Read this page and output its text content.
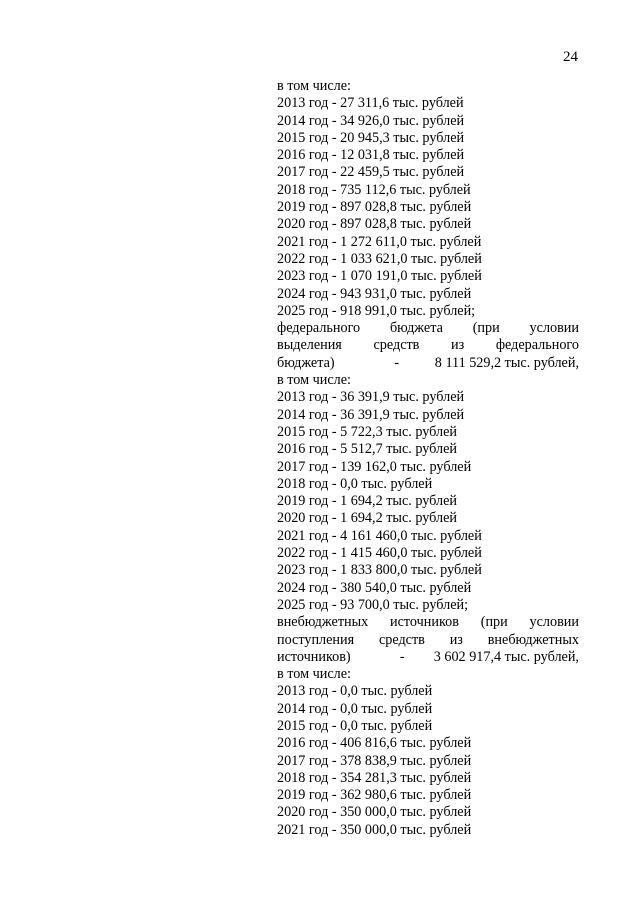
24
в том числе:
2013 год - 27 311,6 тыс. рублей
2014 год - 34 926,0 тыс. рублей
2015 год - 20 945,3 тыс. рублей
2016 год - 12 031,8 тыс. рублей
2017 год - 22 459,5 тыс. рублей
2018 год - 735 112,6 тыс. рублей
2019 год - 897 028,8 тыс. рублей
2020 год - 897 028,8 тыс. рублей
2021 год - 1 272 611,0 тыс. рублей
2022 год - 1 033 621,0 тыс. рублей
2023 год - 1 070 191,0 тыс. рублей
2024 год - 943 931,0 тыс. рублей
2025 год - 918 991,0 тыс. рублей;
федерального бюджета (при условии
выделения средств из федерального
бюджета)	-	8 111 529,2 тыс. рублей,
в том числе:
2013 год - 36 391,9 тыс. рублей
2014 год - 36 391,9 тыс. рублей
2015 год - 5 722,3 тыс. рублей
2016 год - 5 512,7 тыс. рублей
2017 год - 139 162,0 тыс. рублей
2018 год - 0,0 тыс. рублей
2019 год - 1 694,2 тыс. рублей
2020 год - 1 694,2 тыс. рублей
2021 год - 4 161 460,0 тыс. рублей
2022 год - 1 415 460,0 тыс. рублей
2023 год - 1 833 800,0 тыс. рублей
2024 год - 380 540,0 тыс. рублей
2025 год - 93 700,0 тыс. рублей;
внебюджетных источников (при условии
поступления средств из внебюджетных
источников)	- 3 602 917,4 тыс. рублей,
в том числе:
2013 год - 0,0 тыс. рублей
2014 год - 0,0 тыс. рублей
2015 год - 0,0 тыс. рублей
2016 год - 406 816,6 тыс. рублей
2017 год - 378 838,9 тыс. рублей
2018 год - 354 281,3 тыс. рублей
2019 год - 362 980,6 тыс. рублей
2020 год - 350 000,0 тыс. рублей
2021 год - 350 000,0 тыс. рублей
